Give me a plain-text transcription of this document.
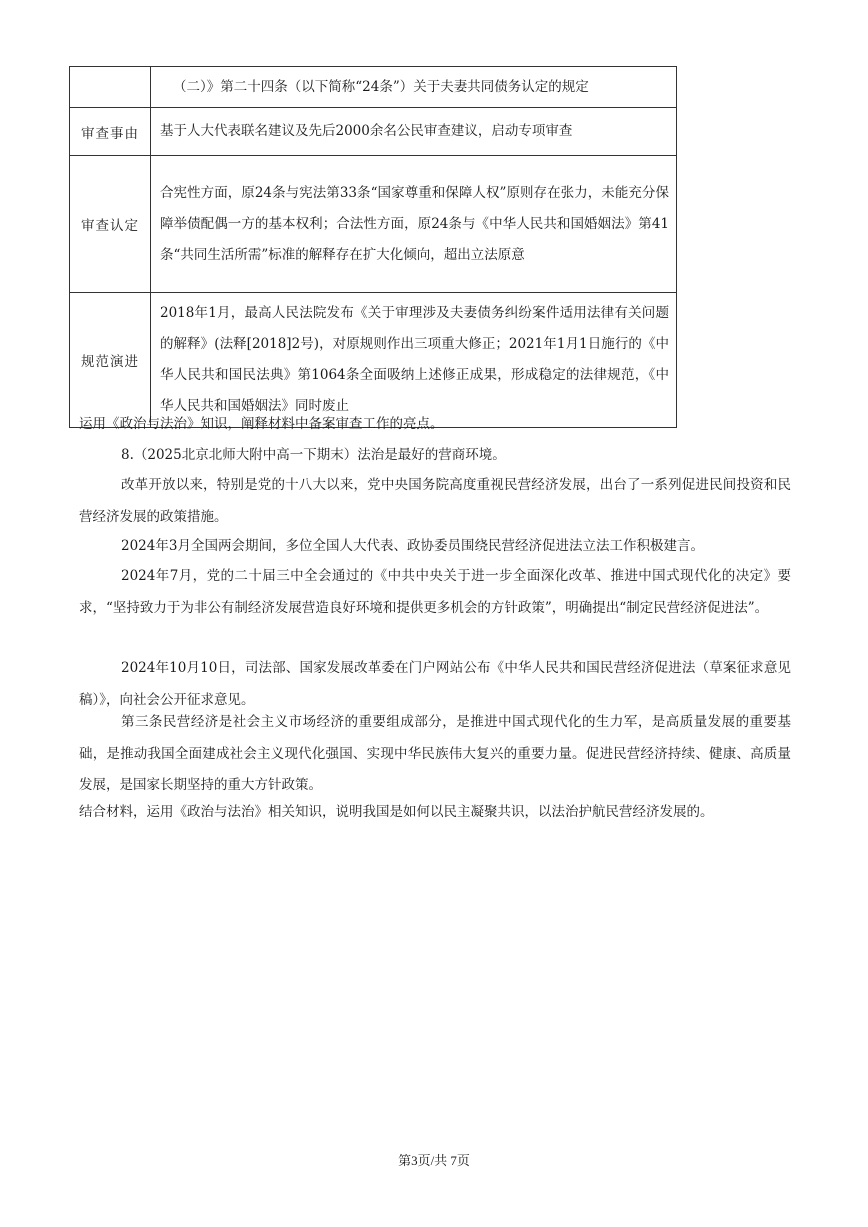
	（二）》第二十四条（以下简称“24条”）关于夫妻共同债务认定的规定
审查事由	基于人大代表联名建议及先后2000余名公民审查建议，启动专项审查
审查认定	合宪性方面，原24条与宪法第33条“国家尊重和保障人权”原则存在张力，未能充分保障举债配偶一方的基本权利；合法性方面，原24条与《中华人民共和国婚姻法》第41条“共同生活所需”标准的解释存在扩大化倾向，超出立法原意
规范演进	2018年1月，最高人民法院发布《关于审理涉及夫妻债务纠纷案件适用法律有关问题的解释》(法释[2018]2号)，对原规则作出三项重大修正；2021年1月1日施行的《中华人民共和国民法典》第1064条全面吸纳上述修正成果，形成稳定的法律规范，《中华人民共和国婚姻法》同时废止

运用《政治与法治》知识，阐释材料中备案审查工作的亮点。

8.（2025北京北师大附中高一下期末）法治是最好的营商环境。

改革开放以来，特别是党的十八大以来，党中央国务院高度重视民营经济发展，出台了一系列促进民间投资和民营经济发展的政策措施。

2024年3月全国两会期间，多位全国人大代表、政协委员围绕民营经济促进法立法工作积极建言。

2024年7月，党的二十届三中全会通过的《中共中央关于进一步全面深化改革、推进中国式现代化的决定》要求，“坚持致力于为非公有制经济发展营造良好环境和提供更多机会的方针政策”，明确提出“制定民营经济促进法”。

2024年10月10日，司法部、国家发展改革委在门户网站公布《中华人民共和国民营经济促进法（草案征求意见稿）》，向社会公开征求意见。

第三条民营经济是社会主义市场经济的重要组成部分，是推进中国式现代化的生力军，是高质量发展的重要基础，是推动我国全面建成社会主义现代化强国、实现中华民族伟大复兴的重要力量。促进民营经济持续、健康、高质量发展，是国家长期坚持的重大方针政策。

结合材料，运用《政治与法治》相关知识，说明我国是如何以民主凝聚共识，以法治护航民营经济发展的。

第3页/共 7页
